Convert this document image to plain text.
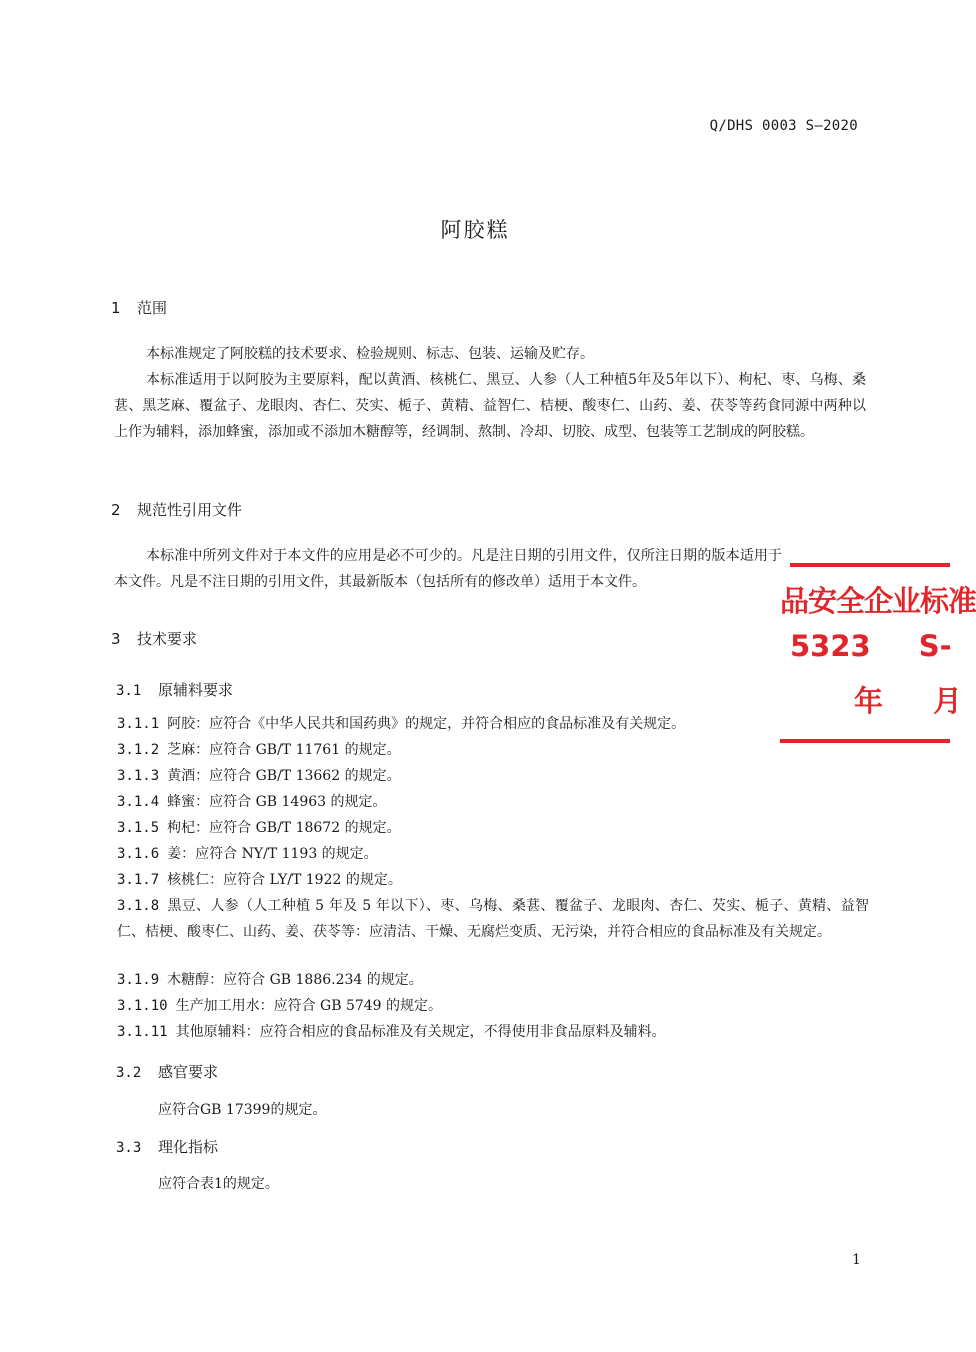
Q/DHS 0003 S—2020
阿胶糕
1 范围

本标准规定了阿胶糕的技术要求、检验规则、标志、包装、运输及贮存。

本标准适用于以阿胶为主要原料，配以黄酒、核桃仁、黑豆、人参（人工种植5年及5年以下）、枸杞、枣、乌梅、桑葚、黑芝麻、覆盆子、龙眼肉、杏仁、芡实、栀子、黄精、益智仁、桔梗、酸枣仁、山药、姜、茯苓等药食同源中两种以上作为辅料，添加蜂蜜，添加或不添加木糖醇等，经调制、熬制、冷却、切胶、成型、包装等工艺制成的阿胶糕。

2 规范性引用文件

本标准中所列文件对于本文件的应用是必不可少的。凡是注日期的引用文件，仅所注日期的版本适用于本文件。凡是不注日期的引用文件，其最新版本（包括所有的修改单）适用于本文件。

3 技术要求
3.1 原辅料要求

3.1.1 阿胶：应符合《中华人民共和国药典》的规定，并符合相应的食品标准及有关规定。

3.1.2 芝麻：应符合 GB/T 11761 的规定。

3.1.3 黄酒：应符合 GB/T 13662 的规定。

3.1.4 蜂蜜：应符合 GB 14963 的规定。

3.1.5 枸杞：应符合 GB/T 18672 的规定。

3.1.6 姜：应符合 NY/T 1193 的规定。

3.1.7 核桃仁：应符合 LY/T 1922 的规定。

3.1.8 黑豆、人参（人工种植 5 年及 5 年以下）、枣、乌梅、桑葚、覆盆子、龙眼肉、杏仁、芡实、栀子、黄精、益智仁、桔梗、酸枣仁、山药、姜、茯苓等：应清洁、干燥、无腐烂变质、无污染，并符合相应的食品标准及有关规定。

3.1.9 木糖醇：应符合 GB 1886.234 的规定。

3.1.10 生产加工用水：应符合 GB 5749 的规定。

3.1.11 其他原辅料：应符合相应的食品标准及有关规定，不得使用非食品原料及辅料。

3.2 感官要求
应符合GB 17399的规定。
3.3 理化指标
应符合表1的规定。
1
品安全企业标准
5323 S-
年 月
